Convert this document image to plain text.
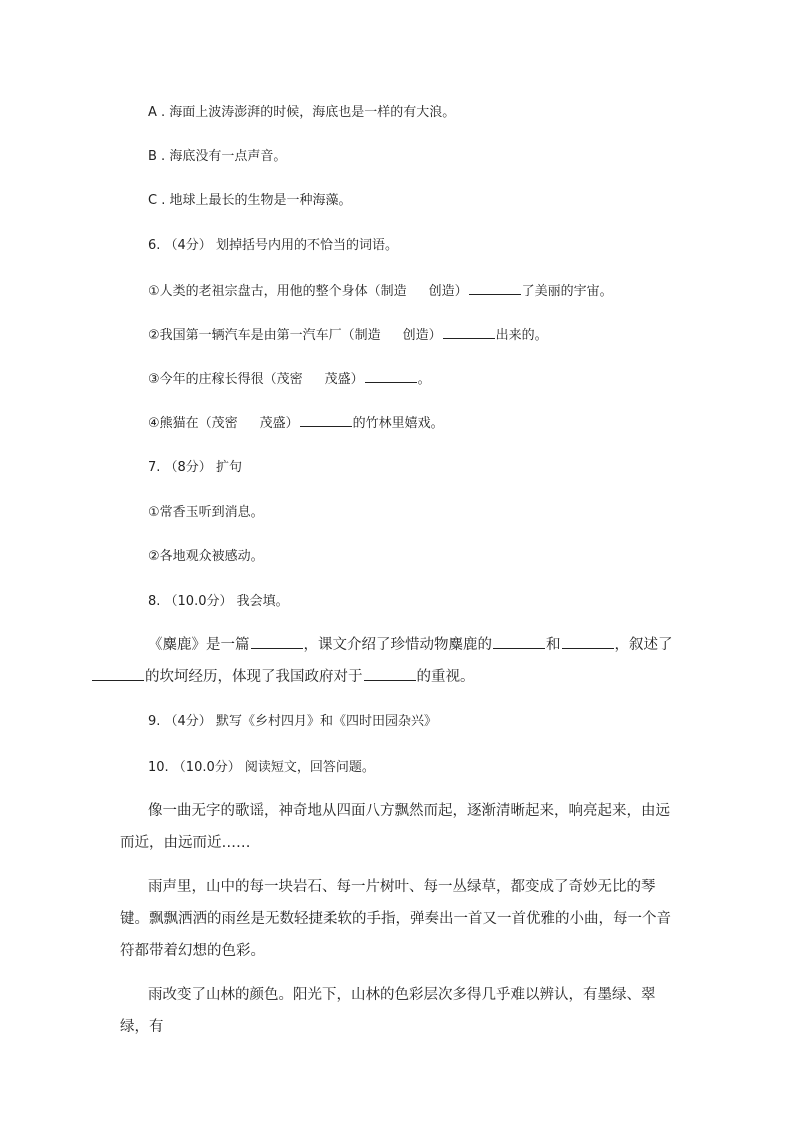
A . 海面上波涛澎湃的时候，海底也是一样的有大浪。
B . 海底没有一点声音。
C . 地球上最长的生物是一种海藻。
6. （4分） 划掉括号内用的不恰当的词语。
①人类的老祖宗盘古，用他的整个身体（制造 创造）	了美丽的宇宙。
②我国第一辆汽车是由第一汽车厂（制造 创造）	出来的。
③今年的庄稼长得很（茂密 茂盛）	。
④熊猫在（茂密 茂盛）	的竹林里嬉戏。
7. （8分） 扩句
①常香玉听到消息。
②各地观众被感动。
8. （10.0分） 我会填。
《麋鹿》是一篇	，课文介绍了珍惜动物麋鹿的	和	，叙述了
的坎坷经历，体现了我国政府对于	的重视。
9. （4分） 默写《乡村四月》和《四时田园杂兴》
10. （10.0分） 阅读短文，回答问题。
像一曲无字的歌谣，神奇地从四面八方飘然而起，逐渐清晰起来，响亮起来，由远而近，由远而近……
雨声里，山中的每一块岩石、每一片树叶、每一丛绿草，都变成了奇妙无比的琴键。飘飘洒洒的雨丝是无数轻捷柔软的手指，弹奏出一首又一首优雅的小曲，每一个音符都带着幻想的色彩。
雨改变了山林的颜色。阳光下，山林的色彩层次多得几乎难以辨认，有墨绿、翠绿，有
